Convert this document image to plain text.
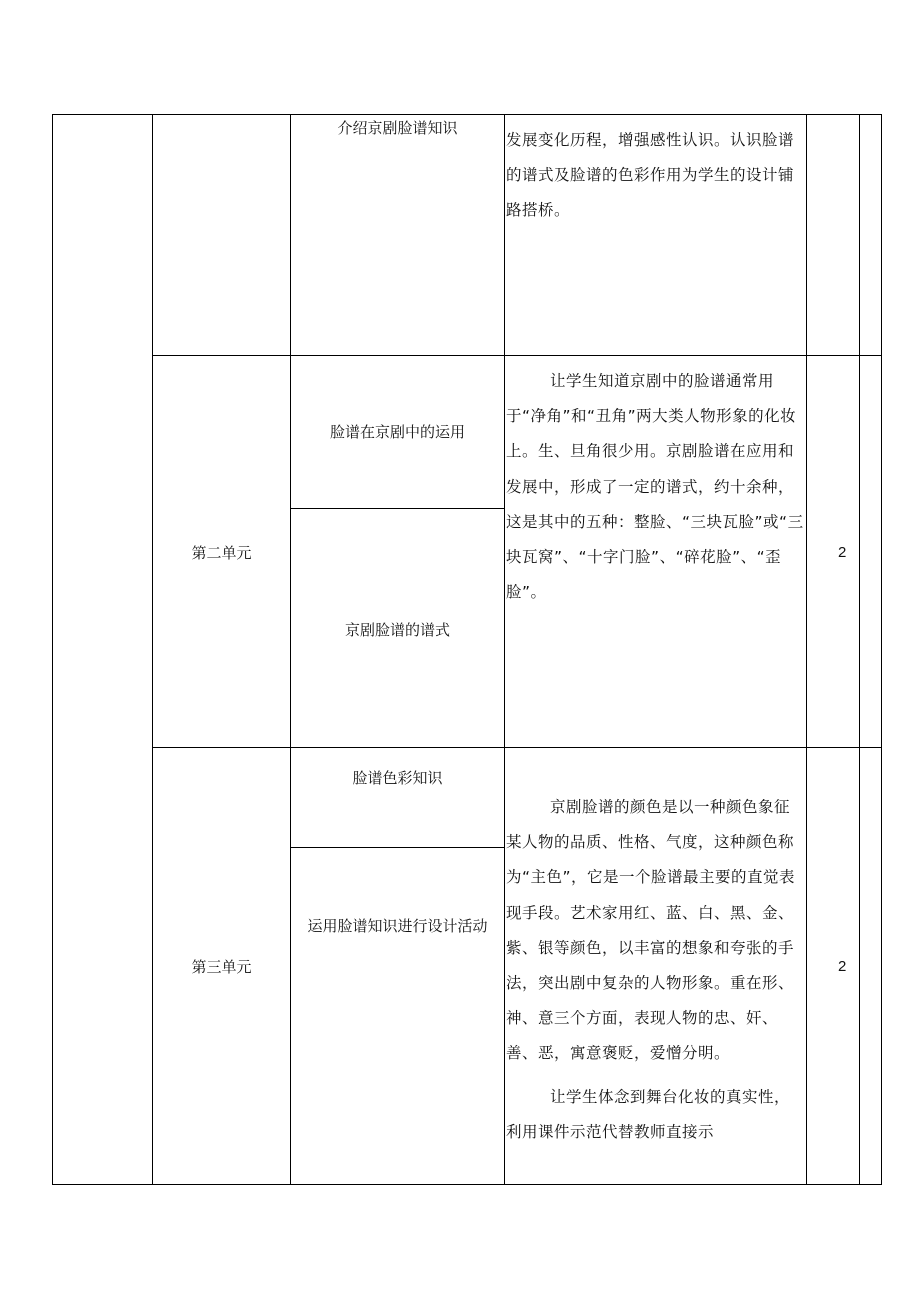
介绍京剧脸谱知识
发展变化历程，增强感性认识。认识脸谱的谱式及脸谱的色彩作用为学生的设计铺路搭桥。
第二单元
脸谱在京剧中的运用
京剧脸谱的谱式
让学生知道京剧中的脸谱通常用于“净角”和“丑角”两大类人物形象的化妆上。生、旦角很少用。京剧脸谱在应用和发展中，形成了一定的谱式，约十余种，这是其中的五种：整脸、“三块瓦脸”或“三块瓦窝”、“十字门脸”、“碎花脸”、“歪脸”。
2
第三单元
脸谱色彩知识
运用脸谱知识进行设计活动
京剧脸谱的颜色是以一种颜色象征某人物的品质、性格、气度，这种颜色称为“主色”，它是一个脸谱最主要的直觉表现手段。艺术家用红、蓝、白、黑、金、紫、银等颜色，以丰富的想象和夸张的手法，突出剧中复杂的人物形象。重在形、神、意三个方面，表现人物的忠、奸、善、恶，寓意褒贬，爱憎分明。
让学生体念到舞台化妆的真实性，利用课件示范代替教师直接示
2
